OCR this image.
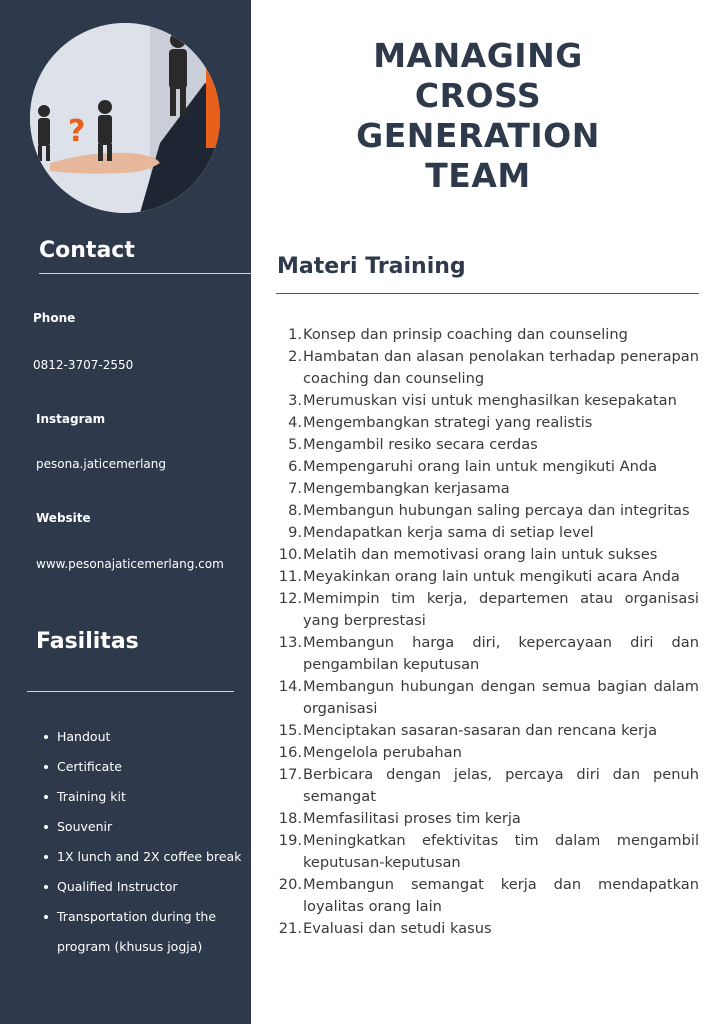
?
Contact
Phone
0812-3707-2550
Instagram
pesona.jaticemerlang
Website
www.pesonajaticemerlang.com
Fasilitas
Handout
Certificate
Training kit
Souvenir
1X lunch and 2X coffee break
Qualified Instructor
Transportation during the program (khusus jogja)
MANAGING CROSS GENERATION TEAM
Materi Training
1. Konsep dan prinsip coaching dan counseling
2. Hambatan dan alasan penolakan terhadap penerapan coaching dan counseling
3. Merumuskan visi untuk menghasilkan kesepakatan
4. Mengembangkan strategi yang realistis
5. Mengambil resiko secara cerdas
6. Mempengaruhi orang lain untuk mengikuti Anda
7. Mengembangkan kerjasama
8. Membangun hubungan saling percaya dan integritas
9. Mendapatkan kerja sama di setiap level
10. Melatih dan memotivasi orang lain untuk sukses
11. Meyakinkan orang lain untuk mengikuti acara Anda
12. Memimpin tim kerja, departemen atau organisasi yang berprestasi
13. Membangun harga diri, kepercayaan diri dan pengambilan keputusan
14. Membangun hubungan dengan semua bagian dalam organisasi
15. Menciptakan sasaran-sasaran dan rencana kerja
16. Mengelola perubahan
17. Berbicara dengan jelas, percaya diri dan penuh semangat
18. Memfasilitasi proses tim kerja
19. Meningkatkan efektivitas tim dalam mengambil keputusan-keputusan
20. Membangun semangat kerja dan mendapatkan loyalitas orang lain
21. Evaluasi dan setudi kasus
